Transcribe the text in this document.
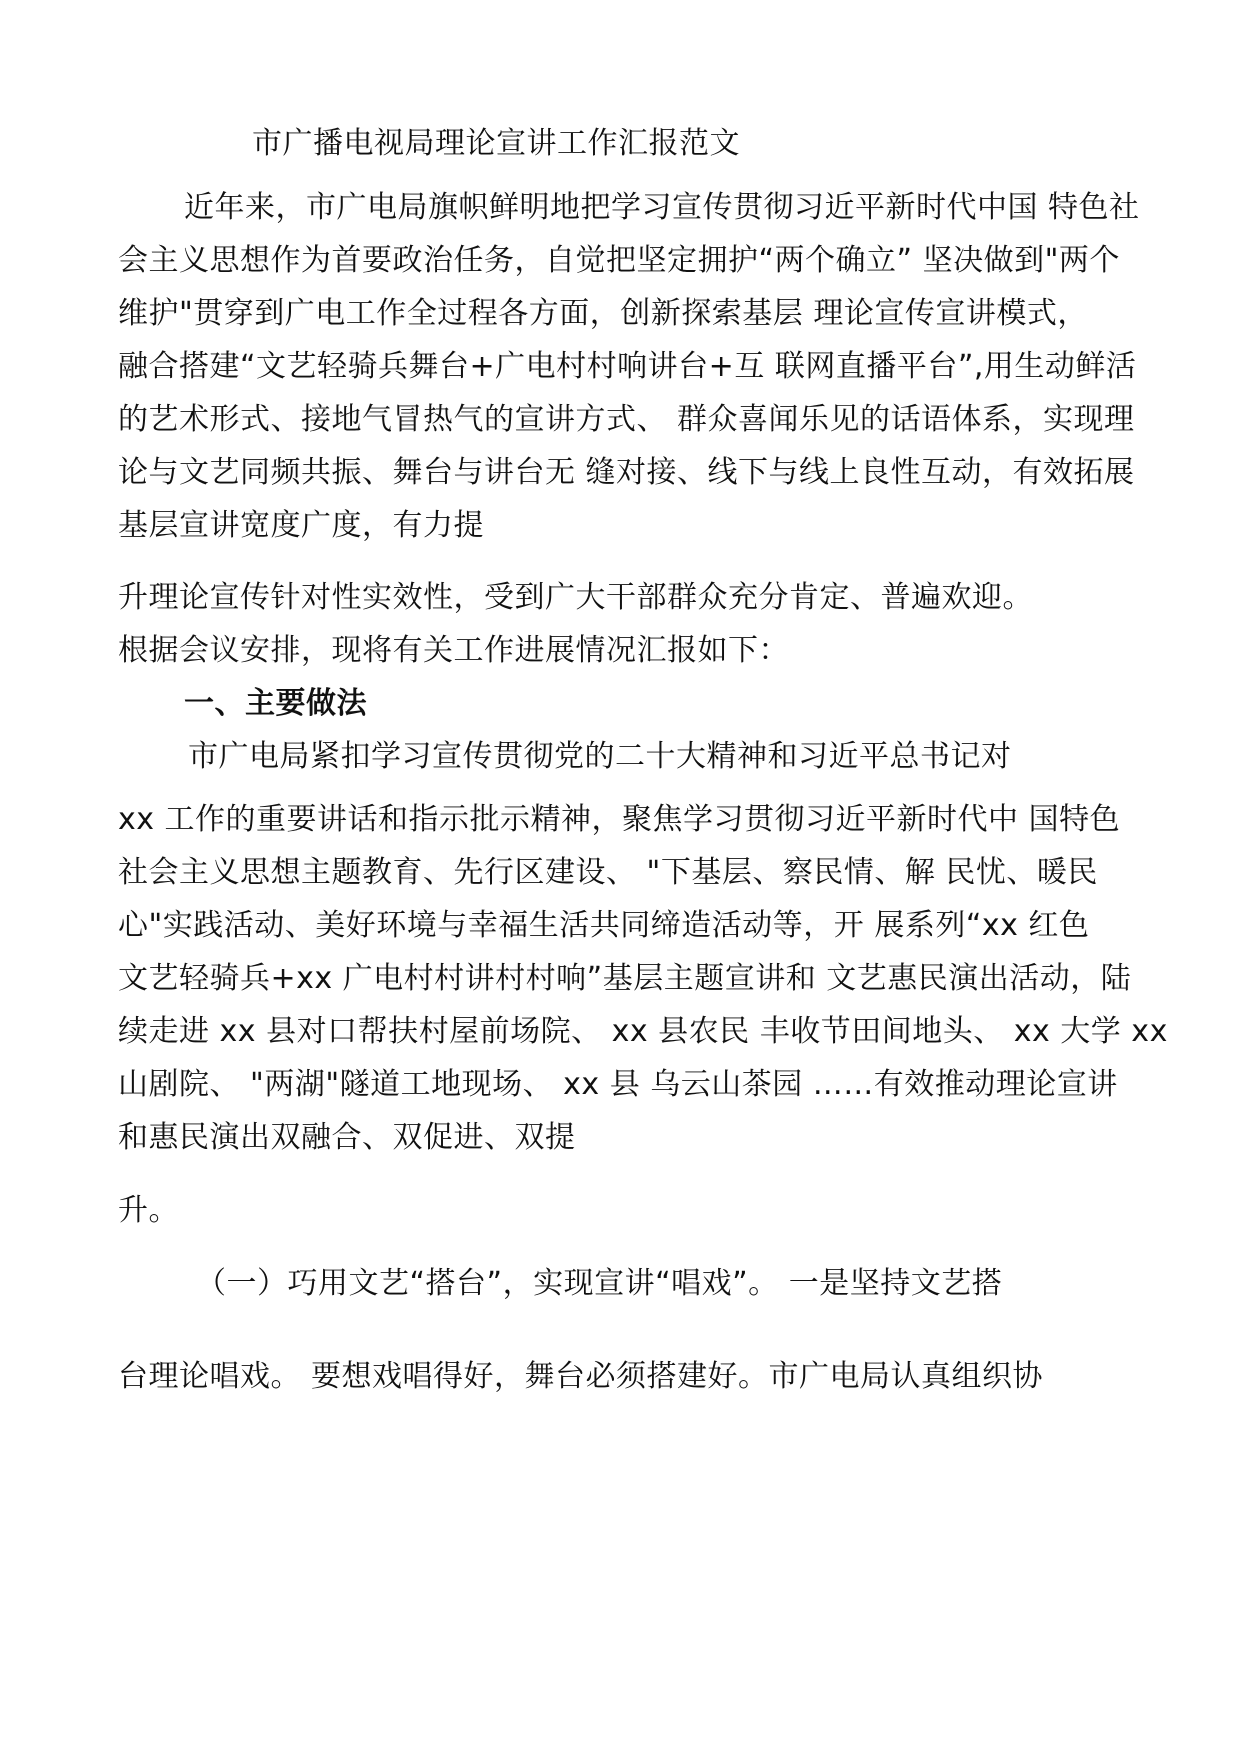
市广播电视局理论宣讲工作汇报范文
近年来，市广电局旗帜鲜明地把学习宣传贯彻习近平新时代中国 特色社
会主义思想作为首要政治任务，自觉把坚定拥护“两个确立” 坚决做到"两个
维护"贯穿到广电工作全过程各方面，创新探索基层 理论宣传宣讲模式，
融合搭建“文艺轻骑兵舞台+广电村村响讲台+互 联网直播平台”,用生动鲜活
的艺术形式、接地气冒热气的宣讲方式、 群众喜闻乐见的话语体系，实现理
论与文艺同频共振、舞台与讲台无 缝对接、线下与线上良性互动，有效拓展
基层宣讲宽度广度，有力提
升理论宣传针对性实效性，受到广大干部群众充分肯定、普遍欢迎。
根据会议安排，现将有关工作进展情况汇报如下：
一、主要做法
市广电局紧扣学习宣传贯彻党的二十大精神和习近平总书记对
xx 工作的重要讲话和指示批示精神，聚焦学习贯彻习近平新时代中 国特色
社会主义思想主题教育、先行区建设、 "下基层、察民情、解 民忧、暖民
心"实践活动、美好环境与幸福生活共同缔造活动等，开 展系列“xx 红色
文艺轻骑兵+xx 广电村村讲村村响”基层主题宣讲和 文艺惠民演出活动，陆
续走进 xx 县对口帮扶村屋前场院、 xx 县农民 丰收节田间地头、 xx 大学 xx
山剧院、 "两湖"隧道工地现场、 xx 县 乌云山茶园 ……有效推动理论宣讲
和惠民演出双融合、双促进、双提
升。
（一）巧用文艺“搭台”，实现宣讲“唱戏”。 一是坚持文艺搭
台理论唱戏。 要想戏唱得好，舞台必须搭建好。市广电局认真组织协
